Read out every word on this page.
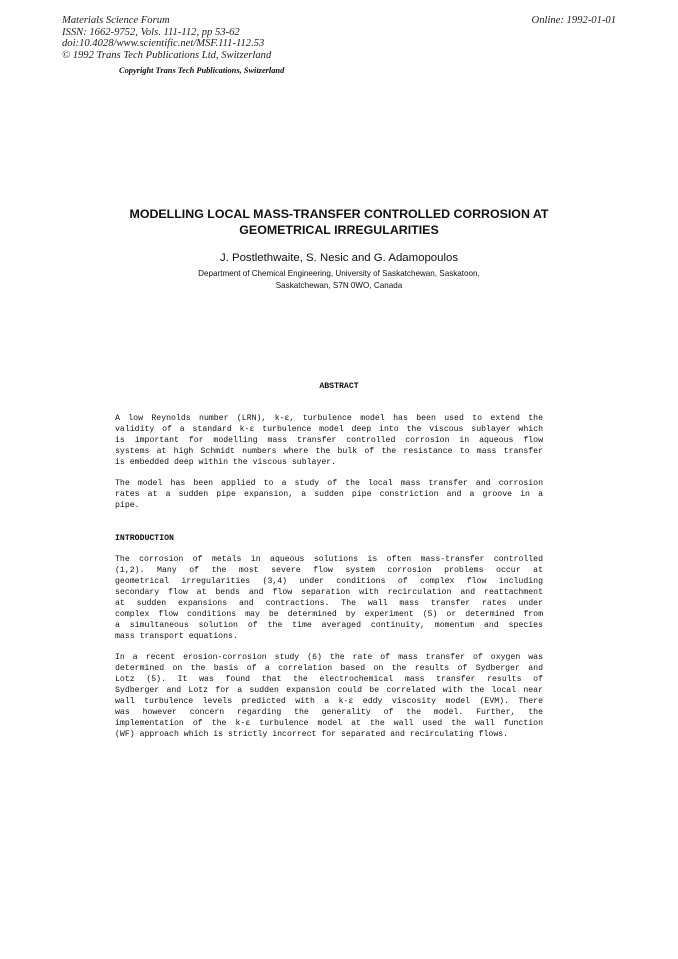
Materials Science Forum
ISSN: 1662-9752, Vols. 111-112, pp 53-62
doi:10.4028/www.scientific.net/MSF.111-112.53
© 1992 Trans Tech Publications Ltd, Switzerland
Online: 1992-01-01
Copyright Trans Tech Publications, Switzerland
MODELLING LOCAL MASS-TRANSFER CONTROLLED CORROSION AT
GEOMETRICAL IRREGULARITIES
J. Postlethwaite, S. Nesic and G. Adamopoulos
Department of Chemical Engineering, University of Saskatchewan, Saskatoon,
Saskatchewan, S7N 0WO, Canada
ABSTRACT
A low Reynolds number (LRN), k-ε, turbulence model has been used to extend the
validity of a standard k-ε turbulence model deep into the viscous sublayer which
is important for modelling mass transfer controlled corrosion in aqueous flow
systems at high Schmidt numbers where the bulk of the resistance to mass transfer
is embedded deep within the viscous sublayer.
The model has been applied to a study of the local mass transfer and corrosion
rates at a sudden pipe expansion, a sudden pipe constriction and a groove in a
pipe.
INTRODUCTION
The corrosion of metals in aqueous solutions is often mass-transfer controlled
(1,2). Many of the most severe flow system corrosion problems occur at
geometrical irregularities (3,4) under conditions of complex flow including
secondary flow at bends and flow separation with recirculation and reattachment
at sudden expansions and contractions. The wall mass transfer rates under
complex flow conditions may be determined by experiment (5) or determined from
a simultaneous solution of the time averaged continuity, momentum and species
mass transport equations.
In a recent erosion-corrosion study (6) the rate of mass transfer of oxygen was
determined on the basis of a correlation based on the results of Sydberger and
Lotz (5). It was found that the electrochemical mass transfer results of
Sydberger and Lotz for a sudden expansion could be correlated with the local near
wall turbulence levels predicted with a k-ε eddy viscosity model (EVM). There
was however concern regarding the generality of the model. Further, the
implementation of the k-ε turbulence model at the wall used the wall function
(WF) approach which is strictly incorrect for separated and recirculating flows.
